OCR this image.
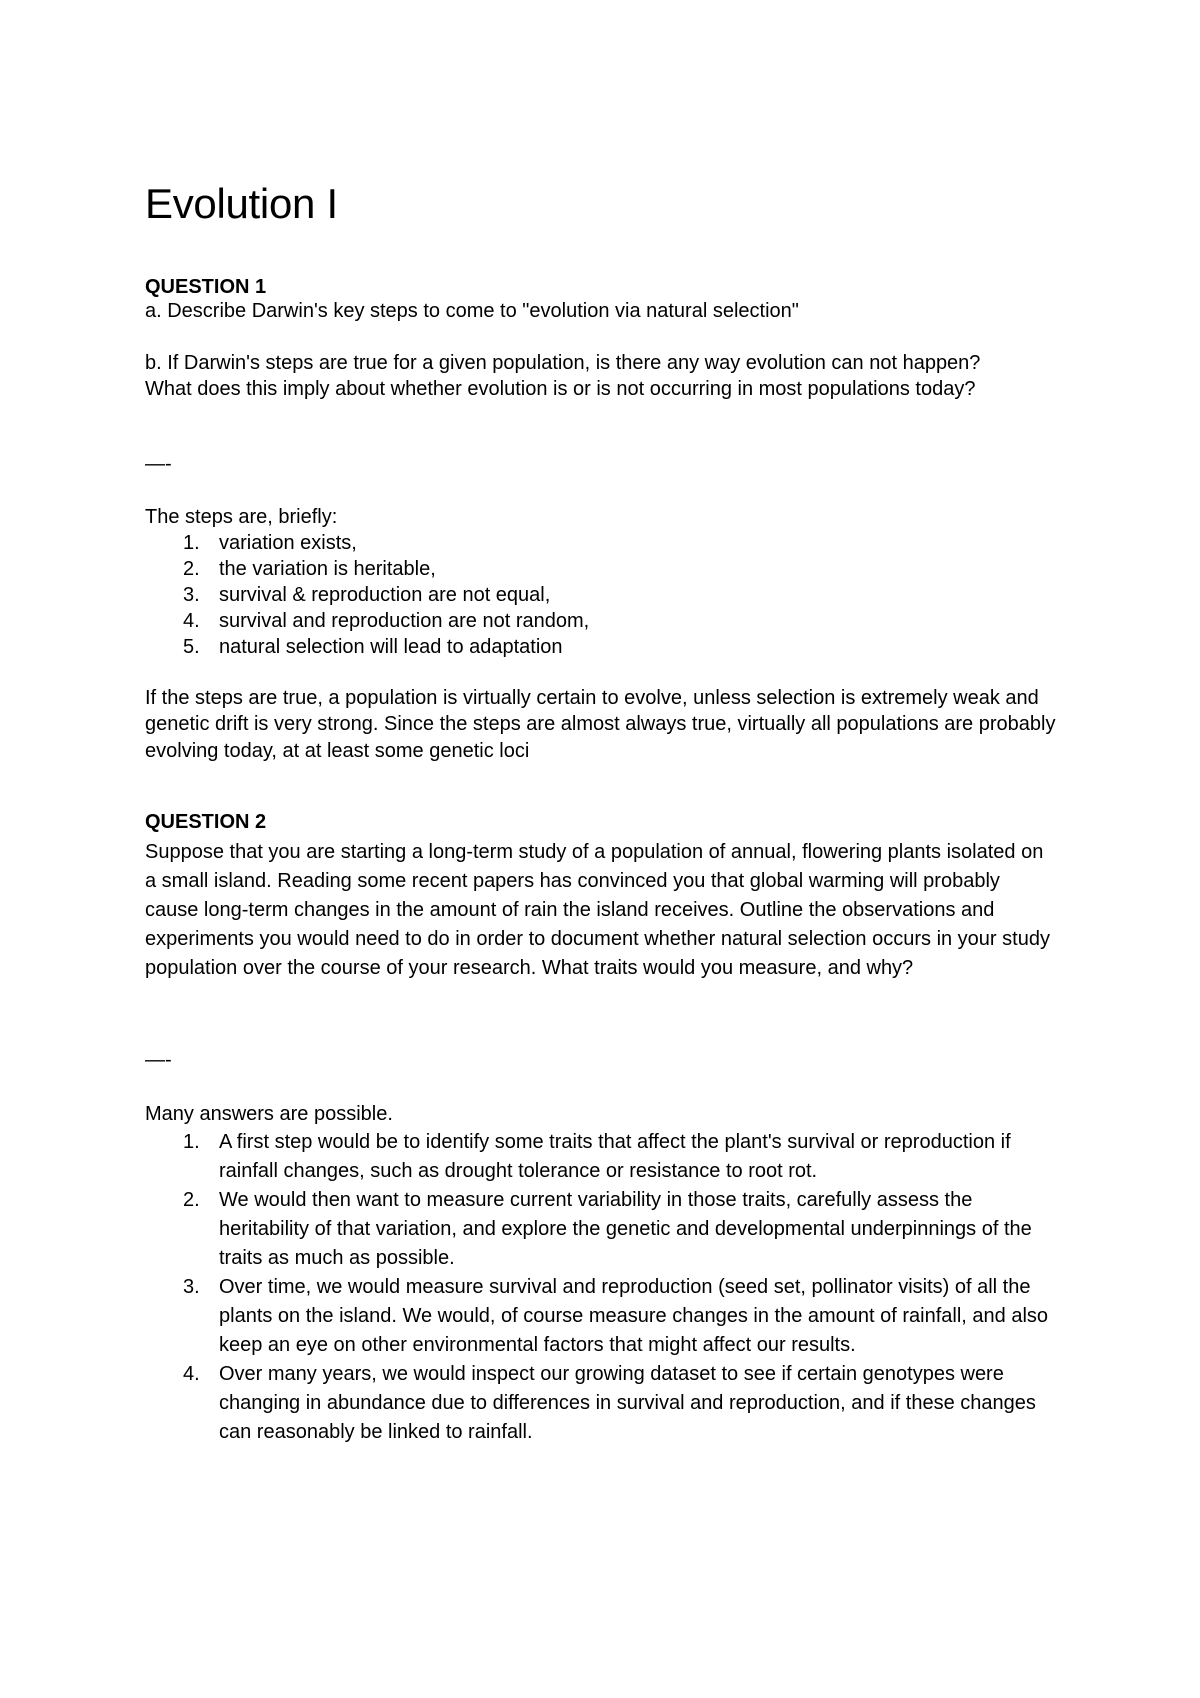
Evolution I
QUESTION 1
a. Describe Darwin's key steps to come to "evolution via natural selection"
b. If Darwin's steps are true for a given population, is there any way evolution can not happen? What does this imply about whether evolution is or is not occurring in most populations today?
—-
The steps are, briefly:
1. variation exists,
2. the variation is heritable,
3. survival & reproduction are not equal,
4. survival and reproduction are not random,
5. natural selection will lead to adaptation
If the steps are true, a population is virtually certain to evolve, unless selection is extremely weak and genetic drift is very strong. Since the steps are almost always true, virtually all populations are probably evolving today, at at least some genetic loci
QUESTION 2
Suppose that you are starting a long-term study of a population of annual, flowering plants isolated on a small island. Reading some recent papers has convinced you that global warming will probably cause long-term changes in the amount of rain the island receives. Outline the observations and experiments you would need to do in order to document whether natural selection occurs in your study population over the course of your research. What traits would you measure, and why?
—-
Many answers are possible.
1. A first step would be to identify some traits that affect the plant's survival or reproduction if rainfall changes, such as drought tolerance or resistance to root rot.
2. We would then want to measure current variability in those traits, carefully assess the heritability of that variation, and explore the genetic and developmental underpinnings of the traits as much as possible.
3. Over time, we would measure survival and reproduction (seed set, pollinator visits) of all the plants on the island. We would, of course measure changes in the amount of rainfall, and also keep an eye on other environmental factors that might affect our results.
4. Over many years, we would inspect our growing dataset to see if certain genotypes were changing in abundance due to differences in survival and reproduction, and if these changes can reasonably be linked to rainfall.
